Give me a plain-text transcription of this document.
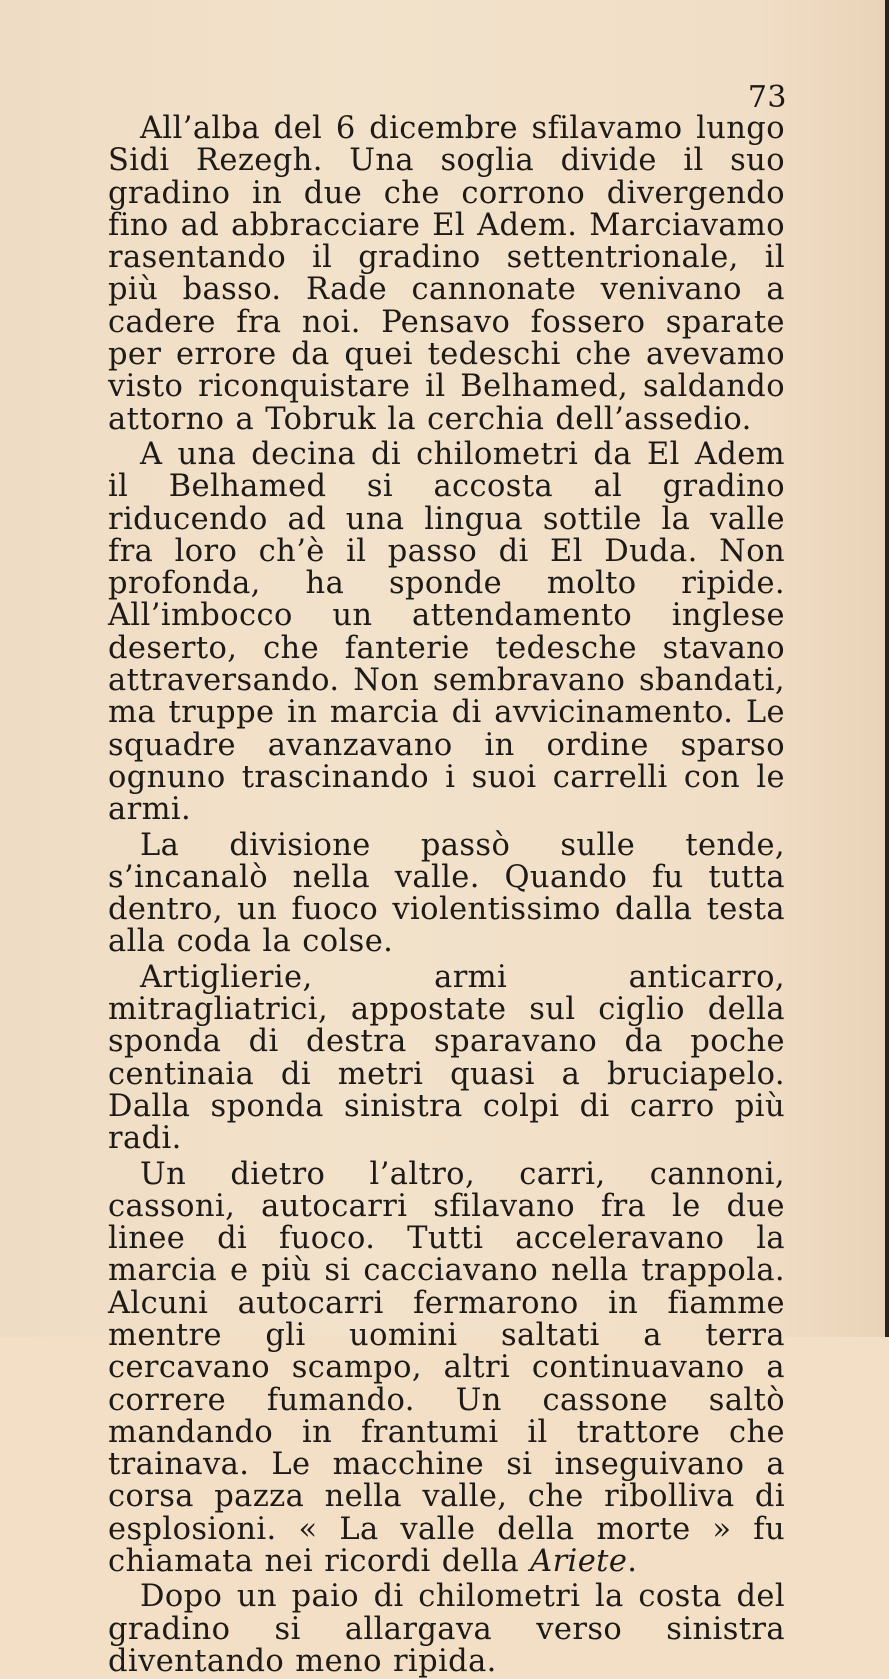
73

All’alba del 6 dicembre sfilavamo lungo Sidi Rezegh. Una soglia divide il suo gradino in due che corrono divergendo fino ad abbracciare El Adem. Marciavamo rasentando il gradino settentrionale, il più basso. Rade cannonate venivano a cadere fra noi. Pensavo fossero sparate per errore da quei tedeschi che avevamo visto riconquistare il Belhamed, saldando attorno a Tobruk la cerchia dell’assedio.

A una decina di chilometri da El Adem il Belhamed si accosta al gradino riducendo ad una lingua sottile la valle fra loro ch’è il passo di El Duda. Non profonda, ha sponde molto ripide. All’imbocco un attendamento inglese deserto, che fanterie tedesche stavano attraversando. Non sembravano sbandati, ma truppe in marcia di avvicinamento. Le squadre avanzavano in ordine sparso ognuno trascinando i suoi carrelli con le armi.

La divisione passò sulle tende, s’incanalò nella valle. Quando fu tutta dentro, un fuoco violentissimo dalla testa alla coda la colse.

Artiglierie, armi anticarro, mitragliatrici, appostate sul ciglio della sponda di destra sparavano da poche centinaia di metri quasi a bruciapelo. Dalla sponda sinistra colpi di carro più radi.

Un dietro l’altro, carri, cannoni, cassoni, autocarri sfilavano fra le due linee di fuoco. Tutti acceleravano la marcia e più si cacciavano nella trappola. Alcuni autocarri fermarono in fiamme mentre gli uomini saltati a terra cercavano scampo, altri continuavano a correre fumando. Un cassone saltò mandando in frantumi il trattore che trainava. Le macchine si inseguivano a corsa pazza nella valle, che ribolliva di esplosioni. « La valle della morte » fu chiamata nei ricordi della Ariete.

Dopo un paio di chilometri la costa del gradino si allargava verso sinistra diventando meno ripida.
